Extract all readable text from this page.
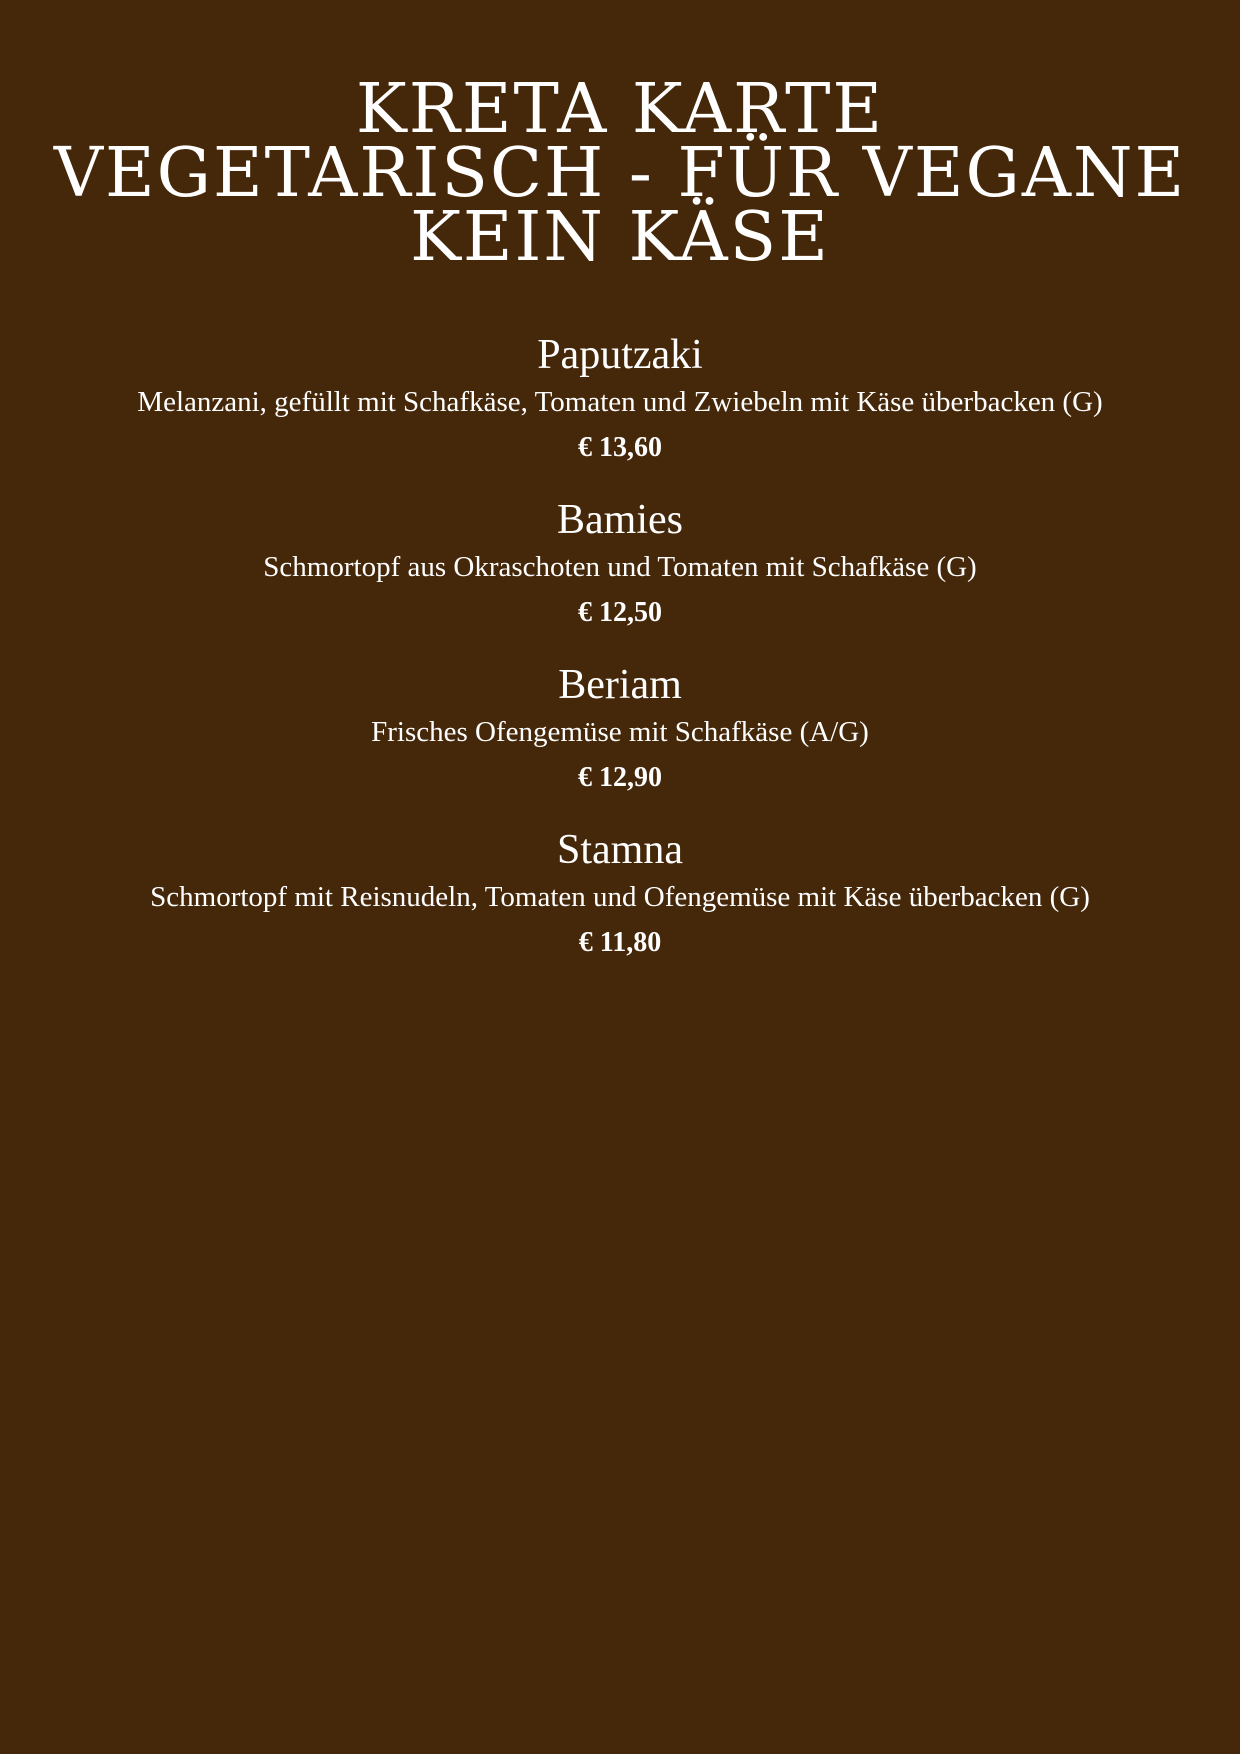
KRETA KARTE
VEGETARISCH - FÜR VEGANE
KEIN KÄSE
Paputzaki
Melanzani, gefüllt mit Schafkäse, Tomaten und Zwiebeln mit Käse überbacken (G)
€ 13,60
Bamies
Schmortopf aus Okraschoten und Tomaten mit Schafkäse (G)
€ 12,50
Beriam
Frisches Ofengemüse mit Schafkäse (A/G)
€ 12,90
Stamna
Schmortopf mit Reisnudeln, Tomaten und Ofengemüse mit Käse überbacken (G)
€ 11,80
